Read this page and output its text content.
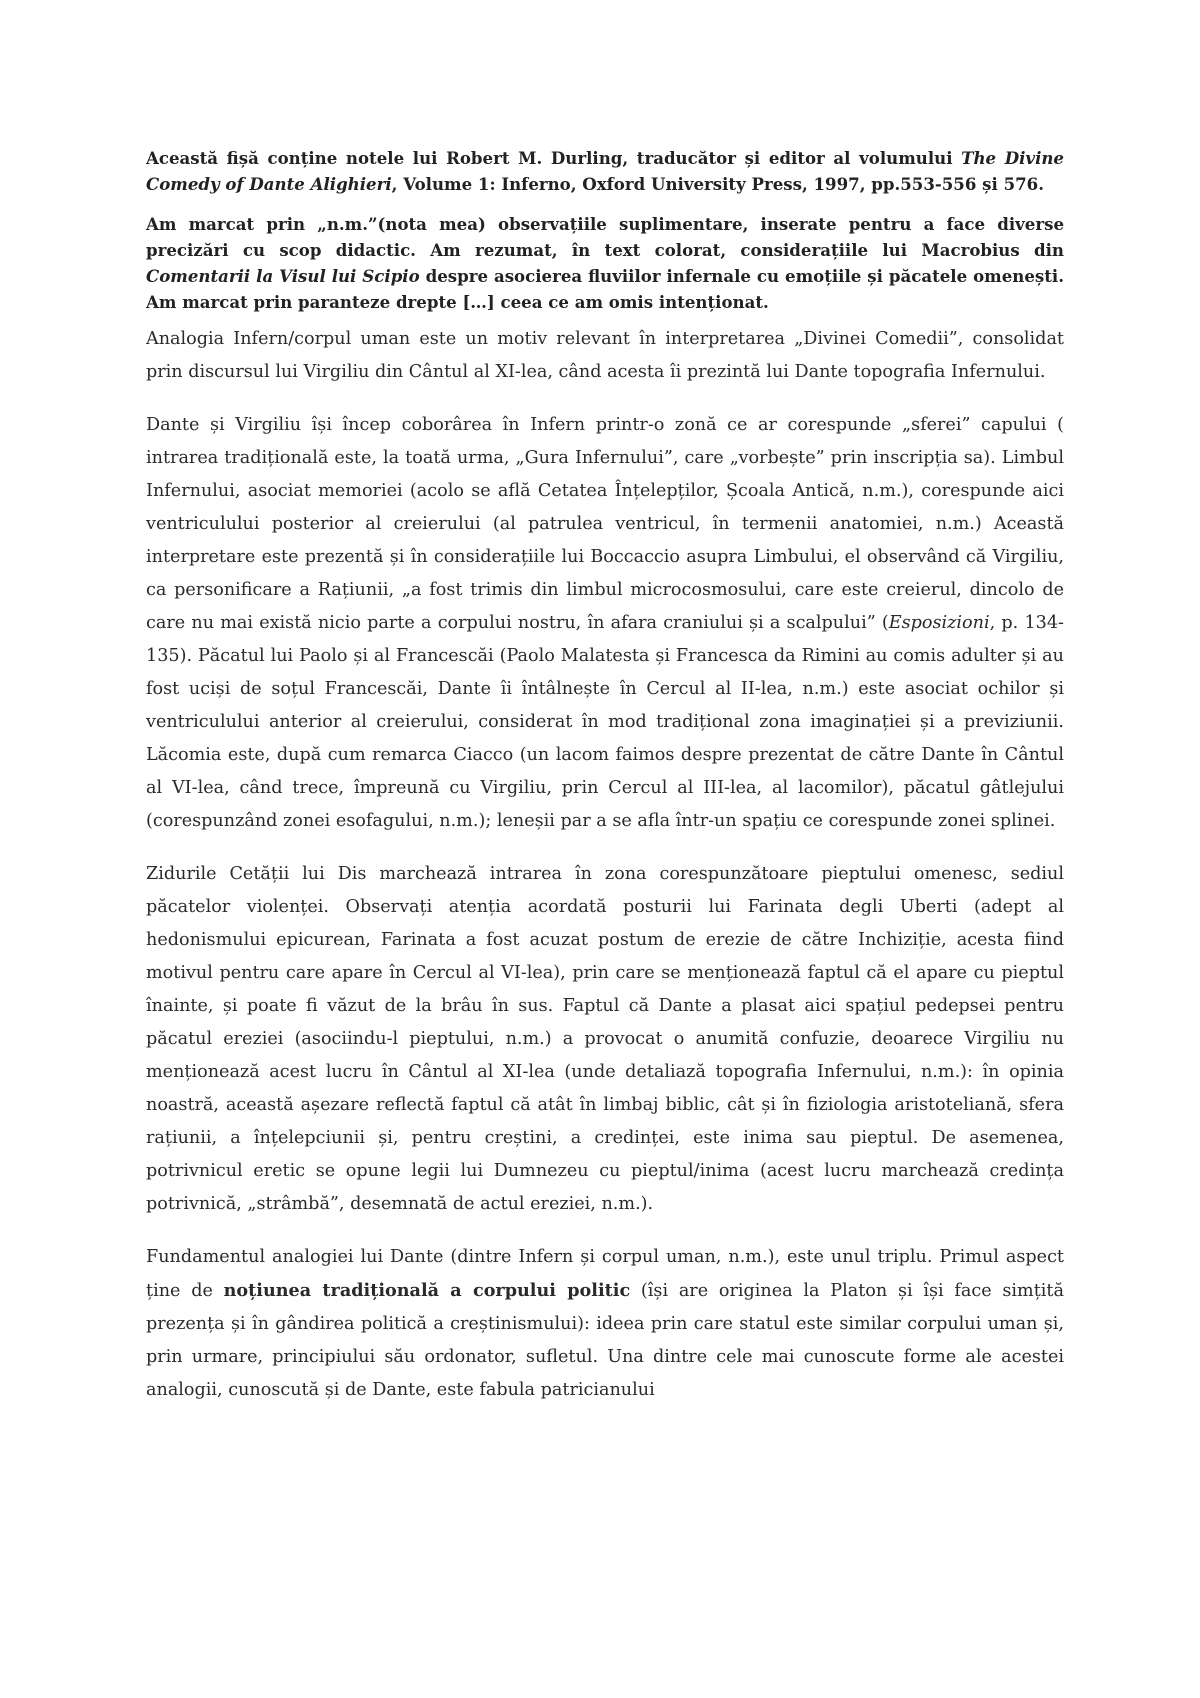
Această fișă conține notele lui Robert M. Durling, traducător și editor al volumului The Divine Comedy of Dante Alighieri, Volume 1: Inferno, Oxford University Press, 1997, pp.553-556 și 576.

Am marcat prin „n.m.”(nota mea) observațiile suplimentare, inserate pentru a face diverse precizări cu scop didactic. Am rezumat, în text colorat, considerațiile lui Macrobius din Comentarii la Visul lui Scipio despre asocierea fluviilor infernale cu emoțiile și păcatele omenești. Am marcat prin paranteze drepte […] ceea ce am omis intenționat.

Analogia Infern/corpul uman este un motiv relevant în interpretarea „Divinei Comedii”, consolidat prin discursul lui Virgiliu din Cântul al XI-lea, când acesta îi prezintă lui Dante topografia Infernului.

Dante și Virgiliu își încep coborârea în Infern printr-o zonă ce ar corespunde „sferei” capului ( intrarea tradițională este, la toată urma, „Gura Infernului”, care „vorbește” prin inscripția sa). Limbul Infernului, asociat memoriei (acolo se află Cetatea Înțelepților, Școala Antică, n.m.), corespunde aici ventriculului posterior al creierului (al patrulea ventricul, în termenii anatomiei, n.m.) Această interpretare este prezentă și în considerațiile lui Boccaccio asupra Limbului, el observând că Virgiliu, ca personificare a Rațiunii, „a fost trimis din limbul microcosmosului, care este creierul, dincolo de care nu mai există nicio parte a corpului nostru, în afara craniului și a scalpului” (Esposizioni, p. 134-135). Păcatul lui Paolo și al Francescăi (Paolo Malatesta și Francesca da Rimini au comis adulter și au fost uciși de soțul Francescăi, Dante îi întâlnește în Cercul al II-lea, n.m.) este asociat ochilor și ventriculului anterior al creierului, considerat în mod tradițional zona imaginației și a previziunii. Lăcomia este, după cum remarca Ciacco (un lacom faimos despre prezentat de către Dante în Cântul al VI-lea, când trece, împreună cu Virgiliu, prin Cercul al III-lea, al lacomilor), păcatul gâtlejului (corespunzând zonei esofagului, n.m.); leneșii par a se afla într-un spațiu ce corespunde zonei splinei.

Zidurile Cetății lui Dis marchează intrarea în zona corespunzătoare pieptului omenesc, sediul păcatelor violenței. Observați atenția acordată posturii lui Farinata degli Uberti (adept al hedonismului epicurean, Farinata a fost acuzat postum de erezie de către Inchiziție, acesta fiind motivul pentru care apare în Cercul al VI-lea), prin care se menționează faptul că el apare cu pieptul înainte, și poate fi văzut de la brâu în sus. Faptul că Dante a plasat aici spațiul pedepsei pentru păcatul ereziei (asociindu-l pieptului, n.m.) a provocat o anumită confuzie, deoarece Virgiliu nu menționează acest lucru în Cântul al XI-lea (unde detaliază topografia Infernului, n.m.): în opinia noastră, această așezare reflectă faptul că atât în limbaj biblic, cât și în fiziologia aristoteliană, sfera rațiunii, a înțelepciunii și, pentru creștini, a credinței, este inima sau pieptul. De asemenea, potrivnicul eretic se opune legii lui Dumnezeu cu pieptul/inima (acest lucru marchează credința potrivnică, „strâmbă”, desemnată de actul ereziei, n.m.).

Fundamentul analogiei lui Dante (dintre Infern și corpul uman, n.m.), este unul triplu. Primul aspect ține de noțiunea tradițională a corpului politic (își are originea la Platon și își face simțită prezența și în gândirea politică a creștinismului): ideea prin care statul este similar corpului uman și, prin urmare, principiului său ordonator, sufletul. Una dintre cele mai cunoscute forme ale acestei analogii, cunoscută și de Dante, este fabula patricianului
